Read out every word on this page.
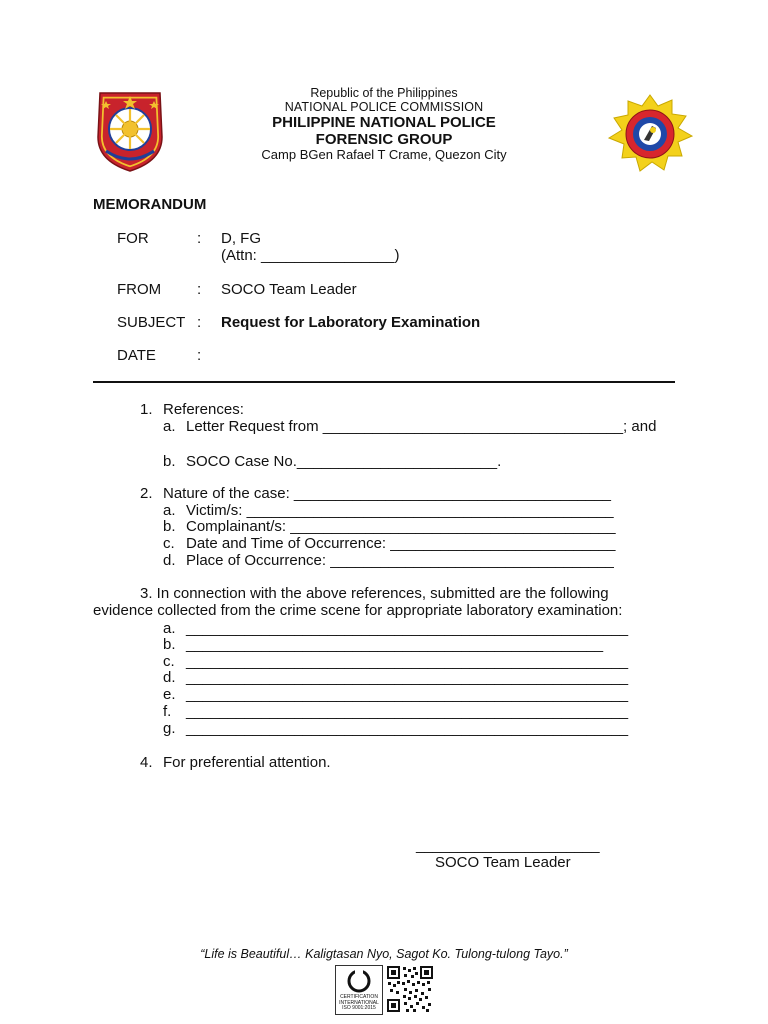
Republic of the Philippines
NATIONAL POLICE COMMISSION
PHILIPPINE NATIONAL POLICE
FORENSIC GROUP
Camp BGen Rafael T Crame, Quezon City
MEMORANDUM
FOR	: D, FG
(Attn: ________________)
FROM : SOCO Team Leader
SUBJECT : Request for Laboratory Examination
DATE	:
1. References:
a. Letter Request from ____________________________________; and
b. SOCO Case No.________________________.
2. Nature of the case: ______________________________________
a. Victim/s: ____________________________________________
b. Complainant/s: _______________________________________
c. Date and Time of Occurrence: ___________________________
d. Place of Occurrence: __________________________________
3. In connection with the above references, submitted are the following
evidence collected from the crime scene for appropriate laboratory examination:
a. _____________________________________________________
b. __________________________________________________
c. _____________________________________________________
d. _____________________________________________________
e. _____________________________________________________
f. _____________________________________________________
g. _____________________________________________________
4. For preferential attention.
______________________
SOCO Team Leader
“Life is Beautiful… Kaligtasan Nyo, Sagot Ko. Tulong-tulong Tayo.”
CERTIFICATION
INTERNATIONAL
ISO 9001:2015
